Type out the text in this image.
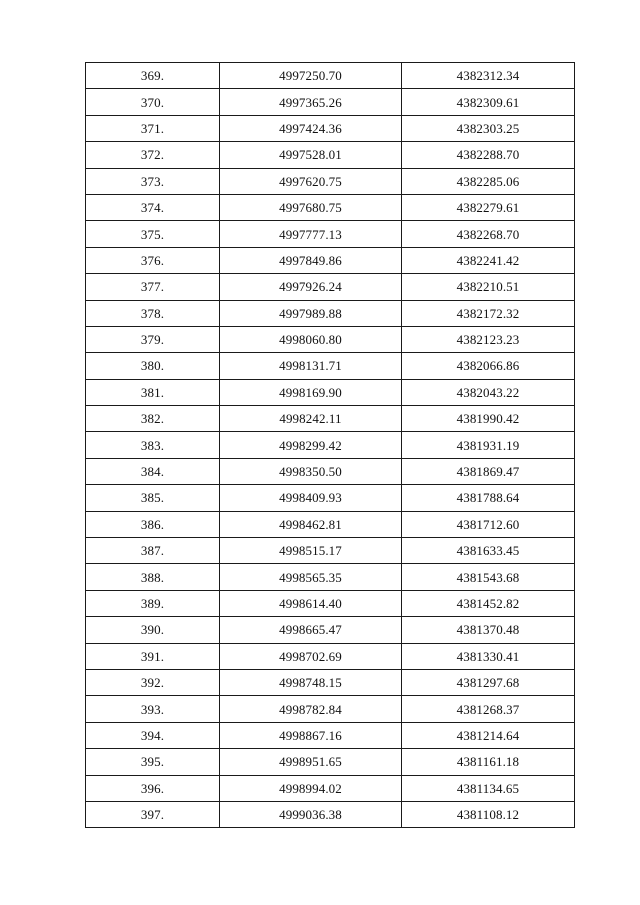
369.	4997250.70	4382312.34
370.	4997365.26	4382309.61
371.	4997424.36	4382303.25
372.	4997528.01	4382288.70
373.	4997620.75	4382285.06
374.	4997680.75	4382279.61
375.	4997777.13	4382268.70
376.	4997849.86	4382241.42
377.	4997926.24	4382210.51
378.	4997989.88	4382172.32
379.	4998060.80	4382123.23
380.	4998131.71	4382066.86
381.	4998169.90	4382043.22
382.	4998242.11	4381990.42
383.	4998299.42	4381931.19
384.	4998350.50	4381869.47
385.	4998409.93	4381788.64
386.	4998462.81	4381712.60
387.	4998515.17	4381633.45
388.	4998565.35	4381543.68
389.	4998614.40	4381452.82
390.	4998665.47	4381370.48
391.	4998702.69	4381330.41
392.	4998748.15	4381297.68
393.	4998782.84	4381268.37
394.	4998867.16	4381214.64
395.	4998951.65	4381161.18
396.	4998994.02	4381134.65
397.	4999036.38	4381108.12
